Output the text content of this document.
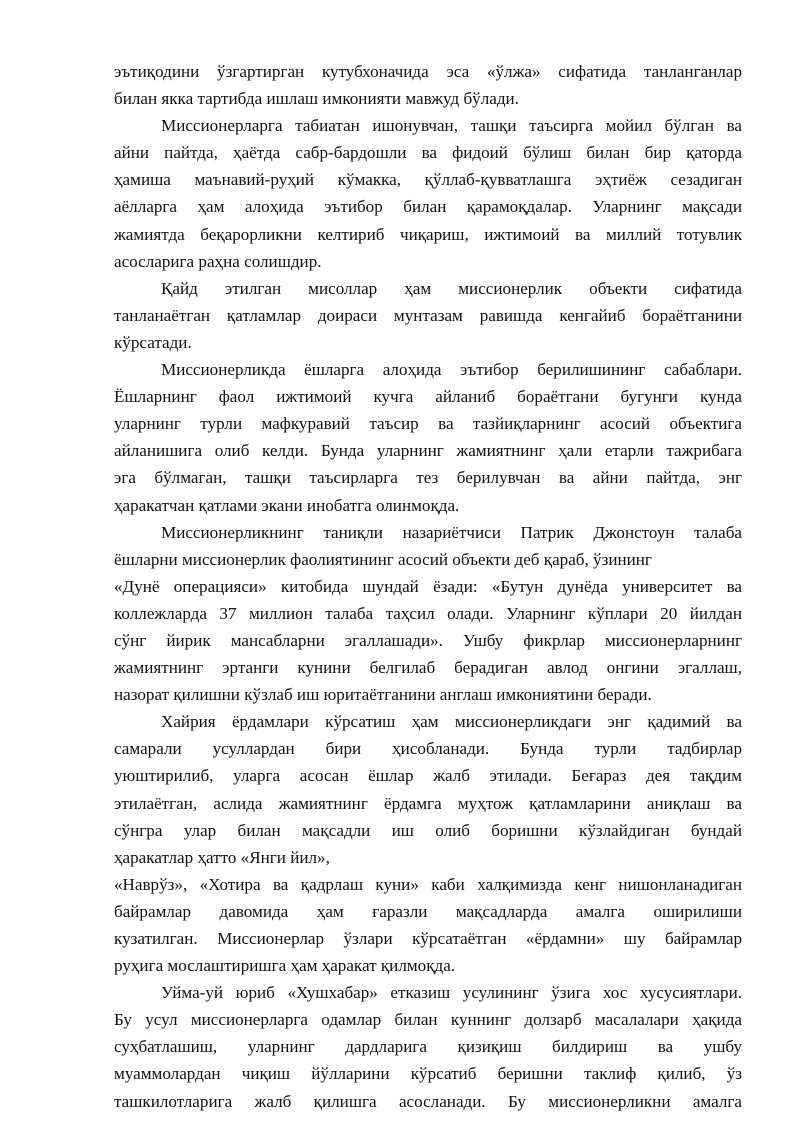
эътиқодини ўзгартирган кутубхоначида эса «ўлжа» сифатида танланганлар
билан якка тартибда ишлаш имконияти мавжуд бўлади.
Миссионерларга табиатан ишонувчан, ташқи таъсирга мойил бўлган ва
айни пайтда, ҳаётда сабр-бардошли ва фидоий бўлиш билан бир қаторда
ҳамиша маънавий-руҳий кўмакка, қўллаб-қувватлашга эҳтиёж сезадиган
аёлларга ҳам алоҳида эътибор билан қарамоқдалар. Уларнинг мақсади
жамиятда беқарорликни келтириб чиқариш, ижтимоий ва миллий тотувлик
асосларига раҳна солишдир.
Қайд этилган мисоллар ҳам миссионерлик объекти сифатида
танланаётган қатламлар доираси мунтазам равишда кенгайиб бораётганини
кўрсатади.
Миссионерликда ёшларга алоҳида эътибор берилишининг сабаблари.
Ёшларнинг фаол ижтимоий кучга айланиб бораётгани бугунги кунда
уларнинг турли мафкуравий таъсир ва тазйиқларнинг асосий объектига
айланишига олиб келди. Бунда уларнинг жамиятнинг ҳали етарли тажрибага
эга бўлмаган, ташқи таъсирларга тез берилувчан ва айни пайтда, энг
ҳаракатчан қатлами экани инобатга олинмоқда.
Миссионерликнинг таниқли назариётчиси Патрик Джонстоун талаба
ёшларни миссионерлик фаолиятининг асосий объекти деб қараб, ўзининг
«Дунё операцияси» китобида шундай ёзади: «Бутун дунёда университет ва
коллежларда 37 миллион талаба таҳсил олади. Уларнинг кўплари 20 йилдан
сўнг йирик мансабларни эгаллашади». Ушбу фикрлар миссионерларнинг
жамиятнинг эртанги кунини белгилаб берадиган авлод онгини эгаллаш,
назорат қилишни кўзлаб иш юритаётганини англаш имкониятини беради.
Хайрия ёрдамлари кўрсатиш ҳам миссионерликдаги энг қадимий ва
самарали усуллардан бири ҳисобланади. Бунда турли тадбирлар
уюштирилиб, уларга асосан ёшлар жалб этилади. Беғараз дея тақдим
этилаётган, аслида жамиятнинг ёрдамга муҳтож қатламларини аниқлаш ва
сўнгра улар билан мақсадли иш олиб боришни кўзлайдиган бундай
ҳаракатлар ҳатто «Янги йил»,
«Наврўз», «Хотира ва қадрлаш куни» каби халқимизда кенг нишонланадиган
байрамлар давомида ҳам ғаразли мақсадларда амалга оширилиши
кузатилган. Миссионерлар ўзлари кўрсатаётган «ёрдамни» шу байрамлар
руҳига мослаштиришга ҳам ҳаракат қилмоқда.
Уйма-уй юриб «Хушхабар» етказиш усулининг ўзига хос хусусиятлари.
Бу усул миссионерларга одамлар билан куннинг долзарб масалалари ҳақида
суҳбатлашиш, уларнинг дардларига қизиқиш билдириш ва ушбу
муаммолардан чиқиш йўлларини кўрсатиб беришни таклиф қилиб, ўз
ташкилотларига жалб қилишга асосланади. Бу миссионерликни амалга
